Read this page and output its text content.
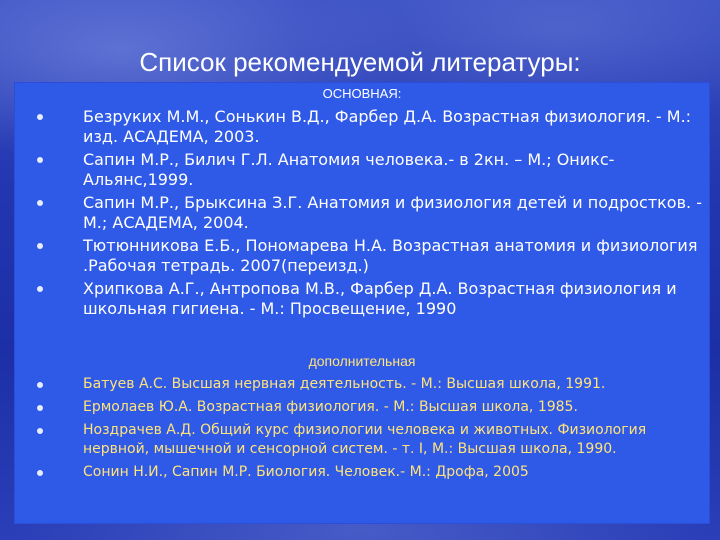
Список рекомендуемой литературы:
ОСНОВНАЯ:
Безруких М.М., Сонькин В.Д., Фарбер Д.А. Возрастная физиология. - М.: изд. АСАДЕМА, 2003.
Сапин М.Р., Билич Г.Л. Анатомия человека.- в 2кн. – М.; Оникс-Альянс,1999.
Сапин М.Р., Брыксина З.Г. Анатомия и физиология детей и подростков. - М.; АСАДЕМА, 2004.
Тютюнникова Е.Б., Пономарева Н.А. Возрастная анатомия и физиология .Рабочая тетрадь. 2007(переизд.)
Хрипкова А.Г., Антропова М.В., Фарбер Д.А. Возрастная физиология и школьная гигиена. - М.: Просвещение, 1990
дополнительная
Батуев А.С. Высшая нервная деятельность. - М.: Высшая школа, 1991.
Ермолаев Ю.А. Возрастная физиология. - М.: Высшая школа, 1985.
Ноздрачев А.Д. Общий курс физиологии человека и животных. Физиология нервной, мышечной и сенсорной систем. - т. I, М.: Высшая школа, 1990.
Сонин Н.И., Сапин М.Р. Биология. Человек.- М.: Дрофа, 2005
